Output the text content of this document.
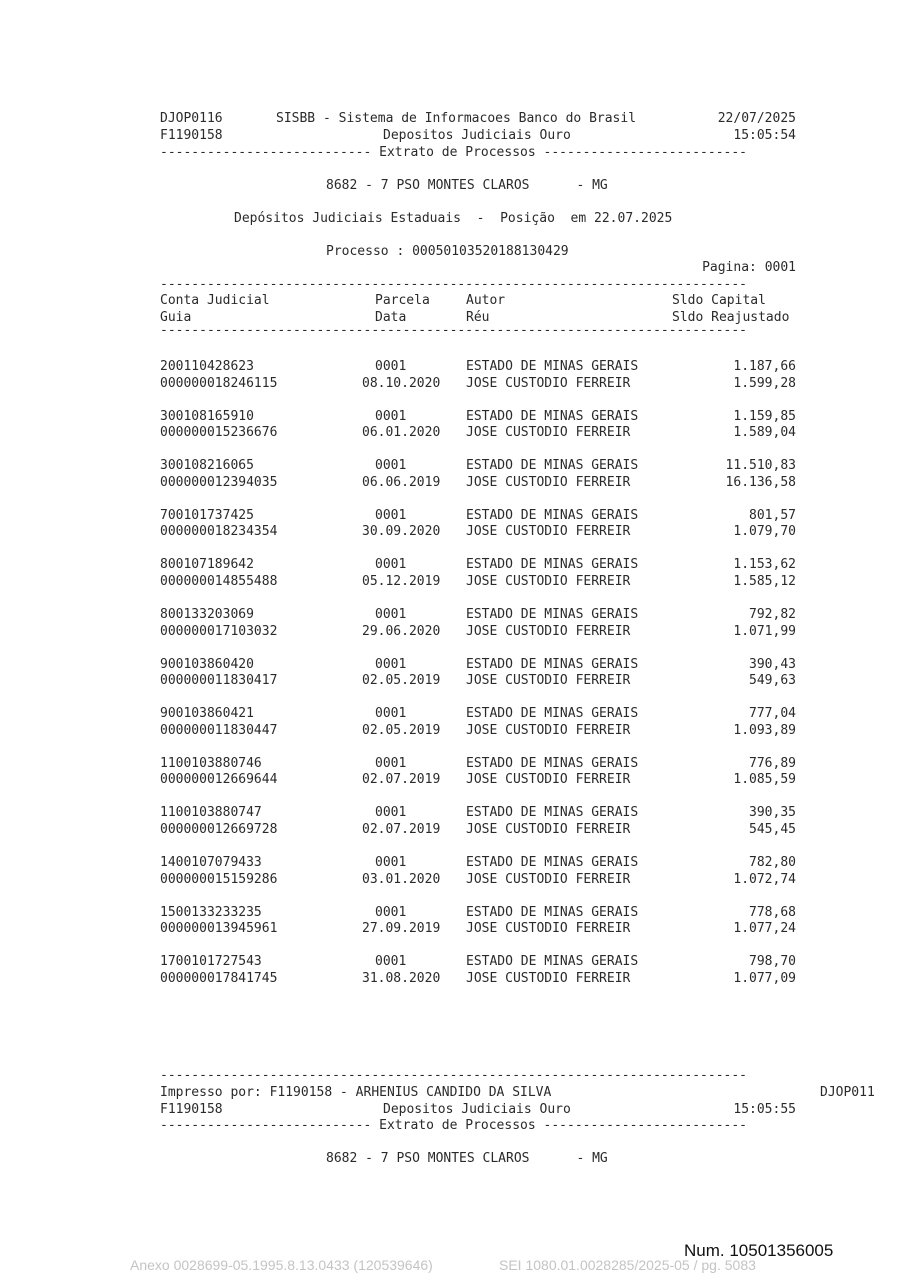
DJOP0116	SISBB - Sistema de Informacoes Banco do Brasil	22/07/2025
F1190158	Depositos Judiciais Ouro	15:05:54
--------------------------- Extrato de Processos --------------------------
8682 - 7 PSO MONTES CLAROS      - MG
Depósitos Judiciais Estaduais  -  Posição  em 22.07.2025
Processo : 00050103520188130429
Pagina: 0001
---------------------------------------------------------------------------
Conta Judicial	Parcela	Autor	Sldo Capital
Guia	Data	Réu	Sldo Reajustado
---------------------------------------------------------------------------
200110428623	0001	ESTADO DE MINAS GERAIS	1.187,66
000000018246115	08.10.2020 JOSE CUSTODIO FERREIR	1.599,28
300108165910	0001	ESTADO DE MINAS GERAIS	1.159,85
000000015236676	06.01.2020 JOSE CUSTODIO FERREIR	1.589,04
300108216065	0001	ESTADO DE MINAS GERAIS	11.510,83
000000012394035	06.06.2019 JOSE CUSTODIO FERREIR	16.136,58
700101737425	0001	ESTADO DE MINAS GERAIS	801,57
000000018234354	30.09.2020 JOSE CUSTODIO FERREIR	1.079,70
800107189642	0001	ESTADO DE MINAS GERAIS	1.153,62
000000014855488	05.12.2019 JOSE CUSTODIO FERREIR	1.585,12
800133203069	0001	ESTADO DE MINAS GERAIS	792,82
000000017103032	29.06.2020 JOSE CUSTODIO FERREIR	1.071,99
900103860420	0001	ESTADO DE MINAS GERAIS	390,43
000000011830417	02.05.2019 JOSE CUSTODIO FERREIR	549,63
900103860421	0001	ESTADO DE MINAS GERAIS	777,04
000000011830447	02.05.2019 JOSE CUSTODIO FERREIR	1.093,89
1100103880746	0001	ESTADO DE MINAS GERAIS	776,89
000000012669644	02.07.2019 JOSE CUSTODIO FERREIR	1.085,59
1100103880747	0001	ESTADO DE MINAS GERAIS	390,35
000000012669728	02.07.2019 JOSE CUSTODIO FERREIR	545,45
1400107079433	0001	ESTADO DE MINAS GERAIS	782,80
000000015159286	03.01.2020 JOSE CUSTODIO FERREIR	1.072,74
1500133233235	0001	ESTADO DE MINAS GERAIS	778,68
000000013945961	27.09.2019 JOSE CUSTODIO FERREIR	1.077,24
1700101727543	0001	ESTADO DE MINAS GERAIS	798,70
000000017841745	31.08.2020 JOSE CUSTODIO FERREIR	1.077,09
---------------------------------------------------------------------------
Impresso por: F1190158 - ARHENIUS CANDIDO DA SILVA	DJOP011
F1190158	Depositos Judiciais Ouro	15:05:55
--------------------------- Extrato de Processos --------------------------
8682 - 7 PSO MONTES CLAROS      - MG
Num. 10501356005
Anexo 0028699-05.1995.8.13.0433 (120539646)	SEI 1080.01.0028285/2025-05 / pg. 5083
